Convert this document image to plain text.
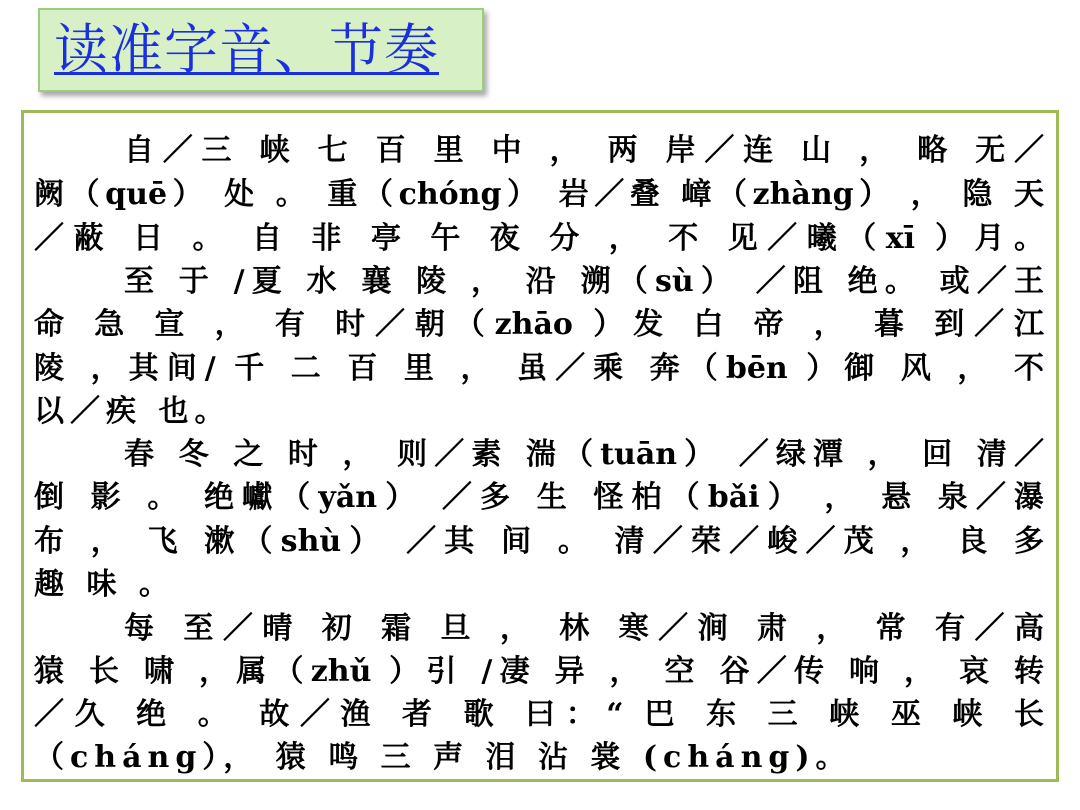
读准字音、节奏
自／三 峡 七 百 里 中 ， 两 岸／连 山 ， 略 无／
阙（quē） 处 。 重（chóng） 岩／叠 嶂（zhàng） ， 隐 天
／蔽 日 。 自 非 亭 午 夜 分 ， 不 见／曦（xī ）月。
至 于 /夏 水 襄 陵 ， 沿 溯（sù） ／阻 绝。 或／王
命 急 宣 ， 有 时／朝（zhāo ）发 白 帝 ， 暮 到／江
陵 ，其间/ 千 二 百 里 ， 虽／乘 奔（bēn ）御 风 ， 不
以／疾 也。
春 冬 之 时 ， 则／素 湍（tuān） ／绿潭 ， 回 清／
倒 影 。 绝巘（yǎn） ／多 生 怪柏（bǎi） ， 悬 泉／瀑
布 ， 飞 漱（shù） ／其 间 。 清／荣／峻／茂 ， 良 多
趣 味 。
每 至／晴 初 霜 旦 ， 林 寒／涧 肃 ， 常 有／高
猿 长 啸 ，属（zhǔ ）引 /凄 异 ， 空 谷／传 响 ， 哀 转
／久 绝 。 故／渔 者 歌 曰：“ 巴 东 三 峡 巫 峡 长
（cháng）， 猿 鸣 三 声 泪 沾 裳 (cháng)。
